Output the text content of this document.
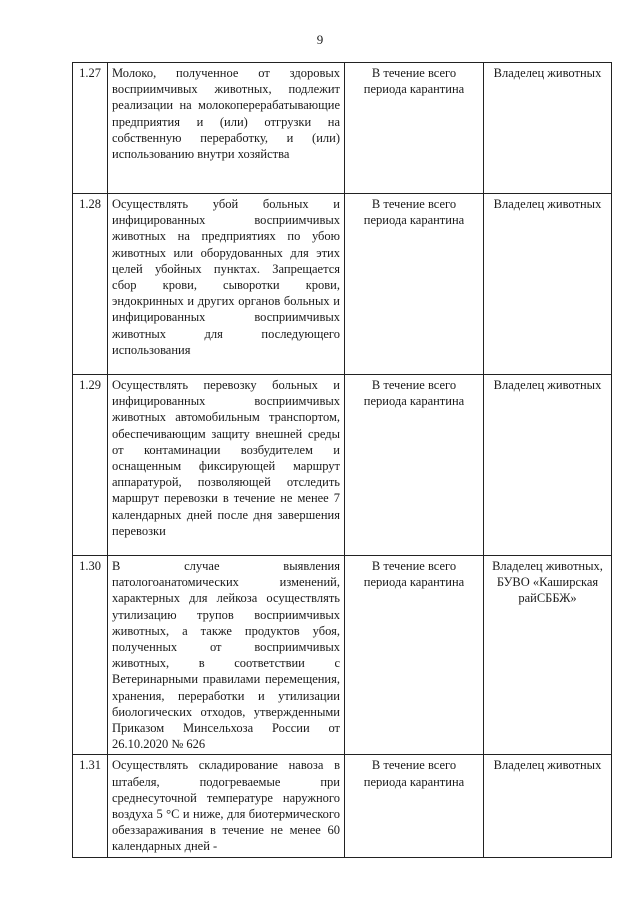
9
1.27	Молоко, полученное от здоровых восприимчивых животных, подлежит реализации на молокоперерабатывающие предприятия и (или) отгрузки на собственную переработку, и (или) использованию внутри хозяйства	В течение всего периода карантина	Владелец животных
1.28	Осуществлять убой больных и инфицированных восприимчивых животных на предприятиях по убою животных или оборудованных для этих целей убойных пунктах. Запрещается сбор крови, сыворотки крови, эндокринных и других органов больных и инфицированных восприимчивых животных для последующего использования	В течение всего периода карантина	Владелец животных
1.29	Осуществлять перевозку больных и инфицированных восприимчивых животных автомобильным транспортом, обеспечивающим защиту внешней среды от контаминации возбудителем и оснащенным фиксирующей маршрут аппаратурой, позволяющей отследить маршрут перевозки в течение не менее 7 календарных дней после дня завершения перевозки	В течение всего периода карантина	Владелец животных
1.30	В случае выявления патологоанатомических изменений, характерных для лейкоза осуществлять утилизацию трупов восприимчивых животных, а также продуктов убоя, полученных от восприимчивых животных, в соответствии с Ветеринарными правилами перемещения, хранения, переработки и утилизации биологических отходов, утвержденными Приказом Минсельхоза России от 26.10.2020 № 626	В течение всего периода карантина	Владелец животных, БУВО «Каширская райСББЖ»
1.31	Осуществлять складирование навоза в штабеля, подогреваемые при среднесуточной температуре наружного воздуха 5 °С и ниже, для биотермического обеззараживания в течение не менее 60 календарных дней -	В течение всего периода карантина	Владелец животных
